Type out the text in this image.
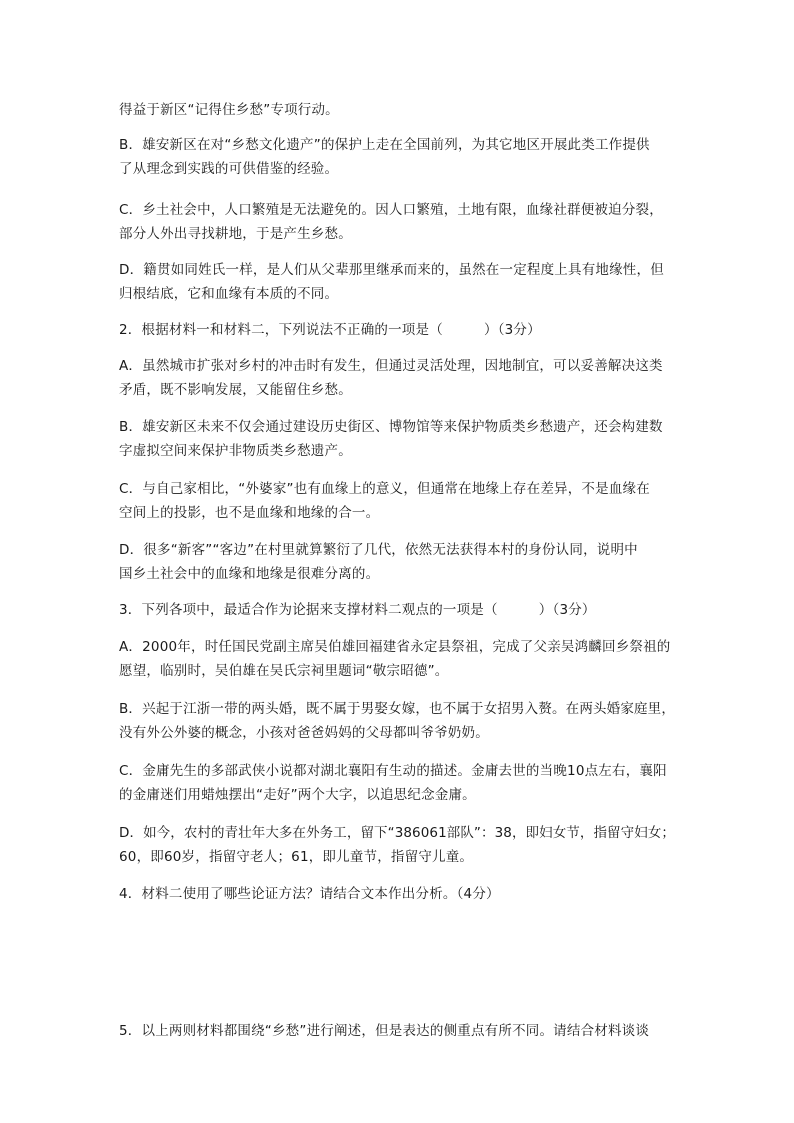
得益于新区“记得住乡愁”专项行动。
B．雄安新区在对“乡愁文化遗产”的保护上走在全国前列，为其它地区开展此类工作提供
了从理念到实践的可供借鉴的经验。
C．乡土社会中，人口繁殖是无法避免的。因人口繁殖，土地有限，血缘社群便被迫分裂，
部分人外出寻找耕地，于是产生乡愁。
D．籍贯如同姓氏一样，是人们从父辈那里继承而来的，虽然在一定程度上具有地缘性，但
归根结底，它和血缘有本质的不同。
2．根据材料一和材料二，下列说法不正确的一项是（　　　）（3分）
A．虽然城市扩张对乡村的冲击时有发生，但通过灵活处理，因地制宜，可以妥善解决这类
矛盾，既不影响发展，又能留住乡愁。
B．雄安新区未来不仅会通过建设历史街区、博物馆等来保护物质类乡愁遗产，还会构建数
字虚拟空间来保护非物质类乡愁遗产。
C．与自己家相比，“外婆家”也有血缘上的意义，但通常在地缘上存在差异，不是血缘在
空间上的投影，也不是血缘和地缘的合一。
D．很多“新客”“客边”在村里就算繁衍了几代，依然无法获得本村的身份认同，说明中
国乡土社会中的血缘和地缘是很难分离的。
3．下列各项中，最适合作为论据来支撑材料二观点的一项是（　　　）（3分）
A．2000年，时任国民党副主席吴伯雄回福建省永定县祭祖，完成了父亲吴鸿麟回乡祭祖的
愿望，临别时，吴伯雄在吴氏宗祠里题词“敬宗昭德”。
B．兴起于江浙一带的两头婚，既不属于男娶女嫁，也不属于女招男入赘。在两头婚家庭里，
没有外公外婆的概念，小孩对爸爸妈妈的父母都叫爷爷奶奶。
C．金庸先生的多部武侠小说都对湖北襄阳有生动的描述。金庸去世的当晚10点左右，襄阳
的金庸迷们用蜡烛摆出“走好”两个大字，以追思纪念金庸。
D．如今，农村的青壮年大多在外务工，留下“386061部队”：38，即妇女节，指留守妇女；
60，即60岁，指留守老人；61，即儿童节，指留守儿童。
4．材料二使用了哪些论证方法？请结合文本作出分析。（4分）
5．以上两则材料都围绕“乡愁”进行阐述，但是表达的侧重点有所不同。请结合材料谈谈
